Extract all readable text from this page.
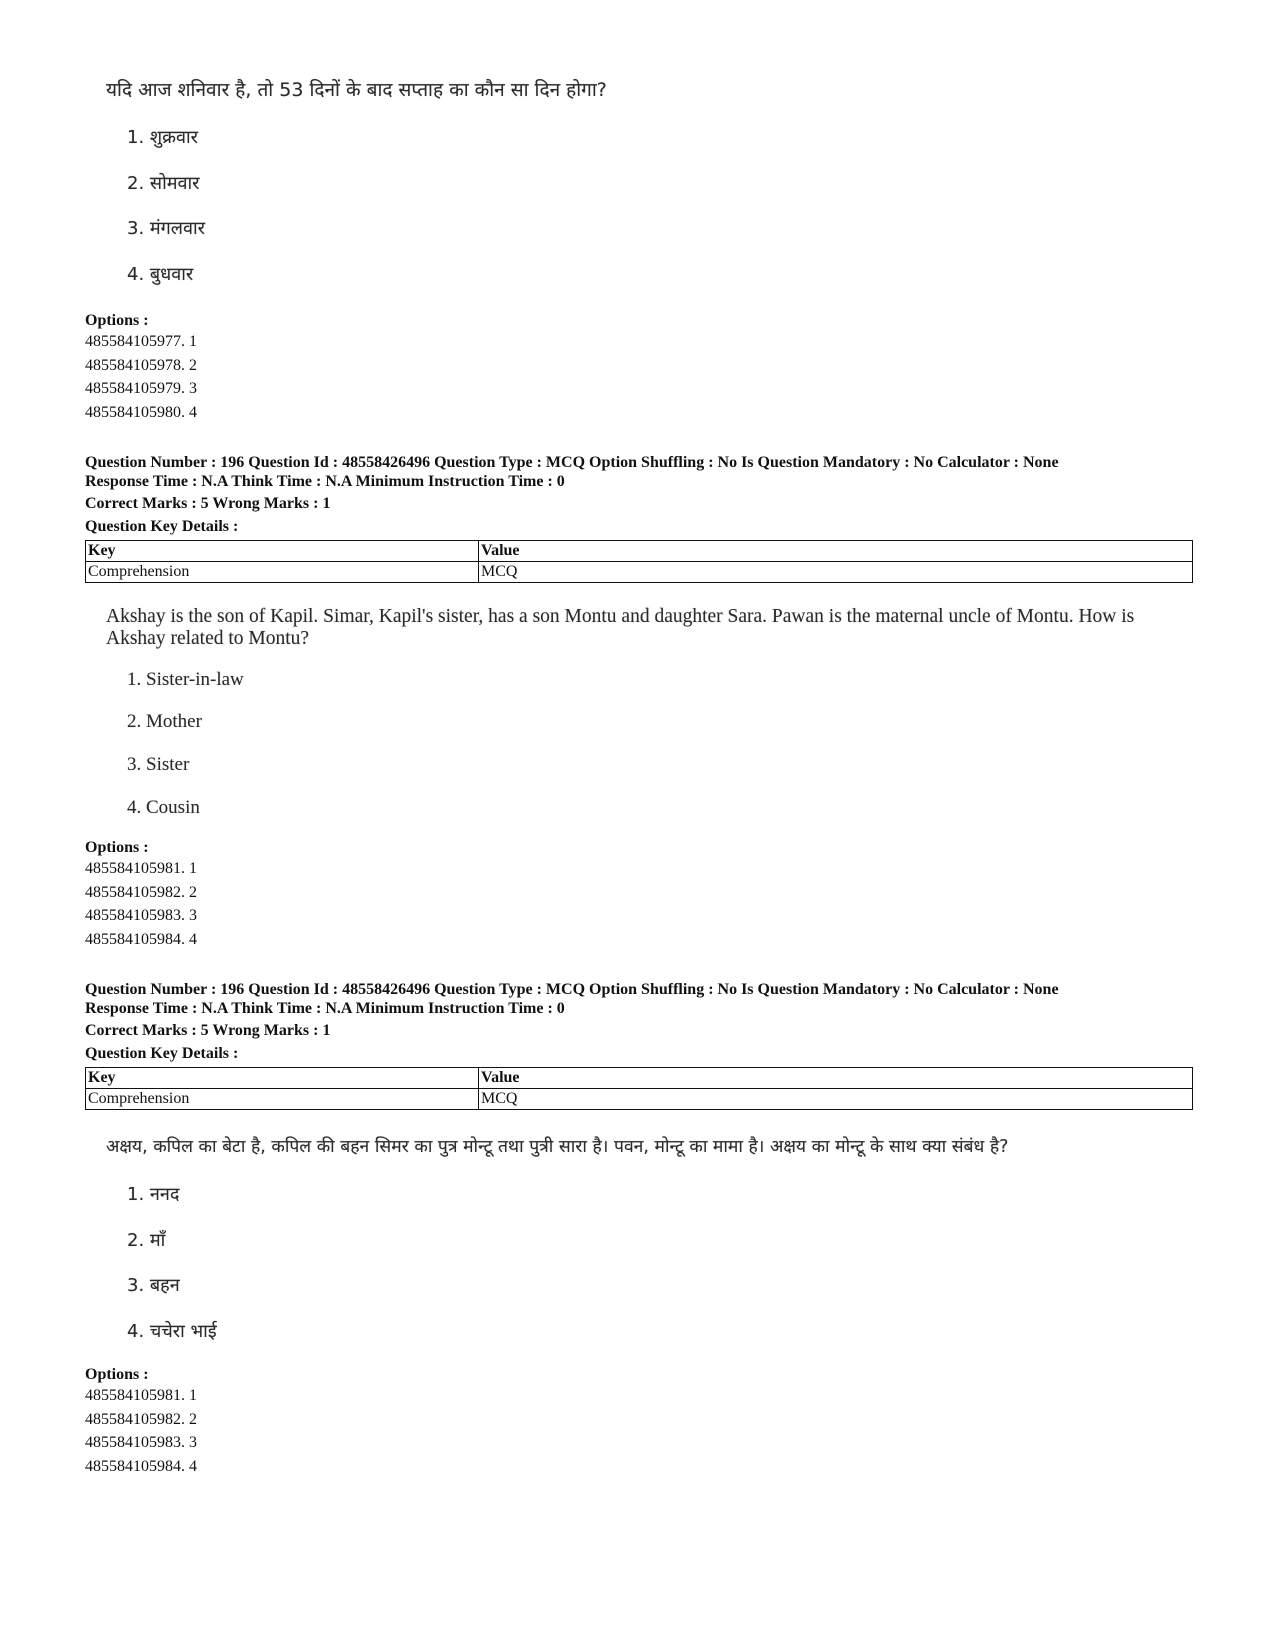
यदि आज शनिवार है, तो 53 दिनों के बाद सप्ताह का कौन सा दिन होगा?
1. शुक्रवार
2. सोमवार
3. मंगलवार
4. बुधवार
Options :
485584105977. 1
485584105978. 2
485584105979. 3
485584105980. 4
Question Number : 196 Question Id : 48558426496 Question Type : MCQ Option Shuffling : No Is Question Mandatory : No Calculator : None
Response Time : N.A Think Time : N.A Minimum Instruction Time : 0
Correct Marks : 5 Wrong Marks : 1
Question Key Details :
Key	Value
Comprehension	MCQ
Akshay is the son of Kapil. Simar, Kapil's sister, has a son Montu and daughter Sara. Pawan is the maternal uncle of Montu. How is
Akshay related to Montu?
1. Sister-in-law
2. Mother
3. Sister
4. Cousin
Options :
485584105981. 1
485584105982. 2
485584105983. 3
485584105984. 4
Question Number : 196 Question Id : 48558426496 Question Type : MCQ Option Shuffling : No Is Question Mandatory : No Calculator : None
Response Time : N.A Think Time : N.A Minimum Instruction Time : 0
Correct Marks : 5 Wrong Marks : 1
Question Key Details :
Key	Value
Comprehension	MCQ
अक्षय, कपिल का बेटा है, कपिल की बहन सिमर का पुत्र मोन्टू तथा पुत्री सारा है। पवन, मोन्टू का मामा है। अक्षय का मोन्टू के साथ क्या संबंध है?
1. ननद
2. माँ
3. बहन
4. चचेरा भाई
Options :
485584105981. 1
485584105982. 2
485584105983. 3
485584105984. 4
